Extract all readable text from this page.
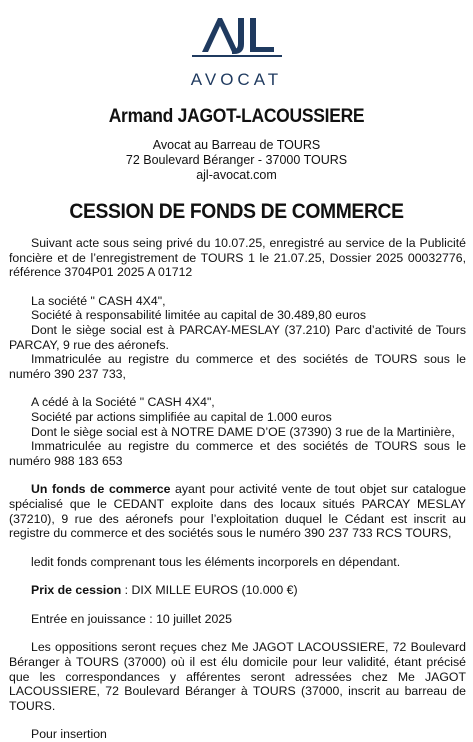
AVOCAT
Armand JAGOT-LACOUSSIERE
Avocat au Barreau de TOURS
72 Boulevard Béranger - 37000 TOURS
ajl-avocat.com
CESSION DE FONDS DE COMMERCE

Suivant acte sous seing privé du 10.07.25, enregistré au service de la Publicité foncière et de l’enregistrement de TOURS 1 le 21.07.25, Dossier 2025 00032776, référence 3704P01 2025 A 01712

La société " CASH 4X4",

Société à responsabilité limitée au capital de 30.489,80 euros

Dont le siège social est à PARCAY-MESLAY (37.210) Parc d’activité de Tours PARCAY, 9 rue des aéronefs.

Immatriculée au registre du commerce et des sociétés de TOURS sous le numéro 390 237 733,

A cédé à la Société " CASH 4X4",

Société par actions simplifiée au capital de 1.000 euros

Dont le siège social est à NOTRE DAME D’OE (37390) 3 rue de la Martinière,

Immatriculée au registre du commerce et des sociétés de TOURS sous le numéro 988 183 653

Un fonds de commerce ayant pour activité vente de tout objet sur catalogue spécialisé que le CEDANT exploite dans des locaux situés PARCAY MESLAY (37210), 9 rue des aéronefs pour l’exploitation duquel le Cédant est inscrit au registre du commerce et des sociétés sous le numéro 390 237 733 RCS TOURS,

ledit fonds comprenant tous les éléments incorporels en dépendant.

Prix de cession : DIX MILLE EUROS (10.000 €)

Entrée en jouissance : 10 juillet 2025

Les oppositions seront reçues chez Me JAGOT LACOUSSIERE, 72 Boulevard Béranger à TOURS (37000) où il est élu domicile pour leur validité, étant précisé que les correspondances y afférentes seront adressées chez Me JAGOT LACOUSSIERE, 72 Boulevard Béranger à TOURS (37000, inscrit au barreau de TOURS.

Pour insertion
